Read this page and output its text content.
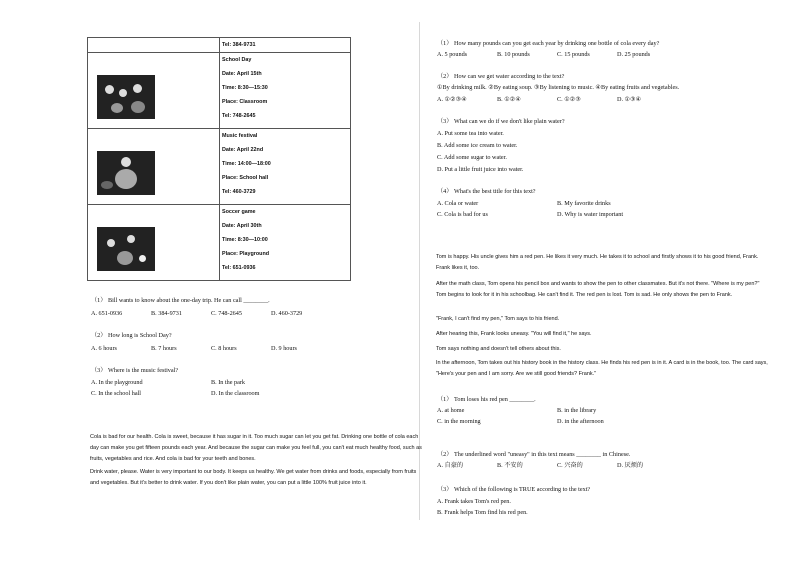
	Tel: 384-9731

	School Day
Date: April 15th
Time: 8:30—15:30
Place: Classroom
Tel: 748-2645

	Music festival
Date: April 22nd
Time: 14:00—18:00
Place: School hall
Tel: 460-3729

	Soccer game
Date: April 30th
Time: 8:30—10:00
Place: Playground
Tel: 651-0936
（1） Bill wants to know about the one-day trip. He can call ________.
A. 651-0936	B. 384-9731	C. 748-2645	D. 460-3729
（2） How long is School Day?
A. 6 hours	B. 7 hours	C. 8 hours	D. 9 hours
（3） Where is the music festival?
A. In the playground	B. In the park
C. In the school hall	D. In the classroom
Cola is bad for our health. Cola is sweet, because it has sugar in it. Too much sugar can let you get fat. Drinking one bottle of cola each day can make you get fifteen pounds each year. And because the sugar can make you feel full, you can't eat much healthy food, such as fruits, vegetables and rice. And cola is bad for your teeth and bones.
Drink water, please. Water is very important to our body. It keeps us healthy. We get water from drinks and foods, especially from fruits and vegetables. But it's better to drink water. If you don't like plain water, you can put a little 100% fruit juice into it.
（1） How many pounds can you get each year by drinking one bottle of cola every day?
A. 5 pounds	B. 10 pounds	C. 15 pounds	D. 25 pounds
（2） How can we get water according to the text?
①By drinking milk. ②By eating soup. ③By listening to music. ④By eating fruits and vegetables.
A. ①②③④	B. ①②④	C. ①②③	D. ①③④
（3） What can we do if we don't like plain water?
A. Put some tea into water.
B. Add some ice cream to water.
C. Add some sugar to water.
D. Put a little fruit juice into water.
（4） What's the best title for this text?
A. Cola or water	B. My favorite drinks
C. Cola is bad for us	D. Why is water important
Tom is happy. His uncle gives him a red pen. He likes it very much. He takes it to school and firstly shows it to his good friend, Frank. Frank likes it, too.
After the math class, Tom opens his pencil box and wants to show the pen to other classmates. But it's not there. "Where is my pen?" Tom begins to look for it in his schoolbag. He can't find it. The red pen is lost. Tom is sad. He only shows the pen to Frank.
"Frank, I can't find my pen," Tom says to his friend.
After hearing this, Frank looks uneasy. "You will find it," he says.
Tom says nothing and doesn't tell others about this.
In the afternoon, Tom takes out his history book in the history class. He finds his red pen is in it. A card is in the book, too. The card says, "Here's your pen and I am sorry. Are we still good friends? Frank."
（1） Tom loses his red pen ________.
A. at home	B. in the library
C. in the morning	D. in the afternoon
（2） The underlined word "uneasy" in this text means ________ in Chinese.
A. 自豪的	B. 不安的	C. 兴奋的	D. 厌烦的
（3） Which of the following is TRUE according to the text?
A. Frank takes Tom's red pen.
B. Frank helps Tom find his red pen.
